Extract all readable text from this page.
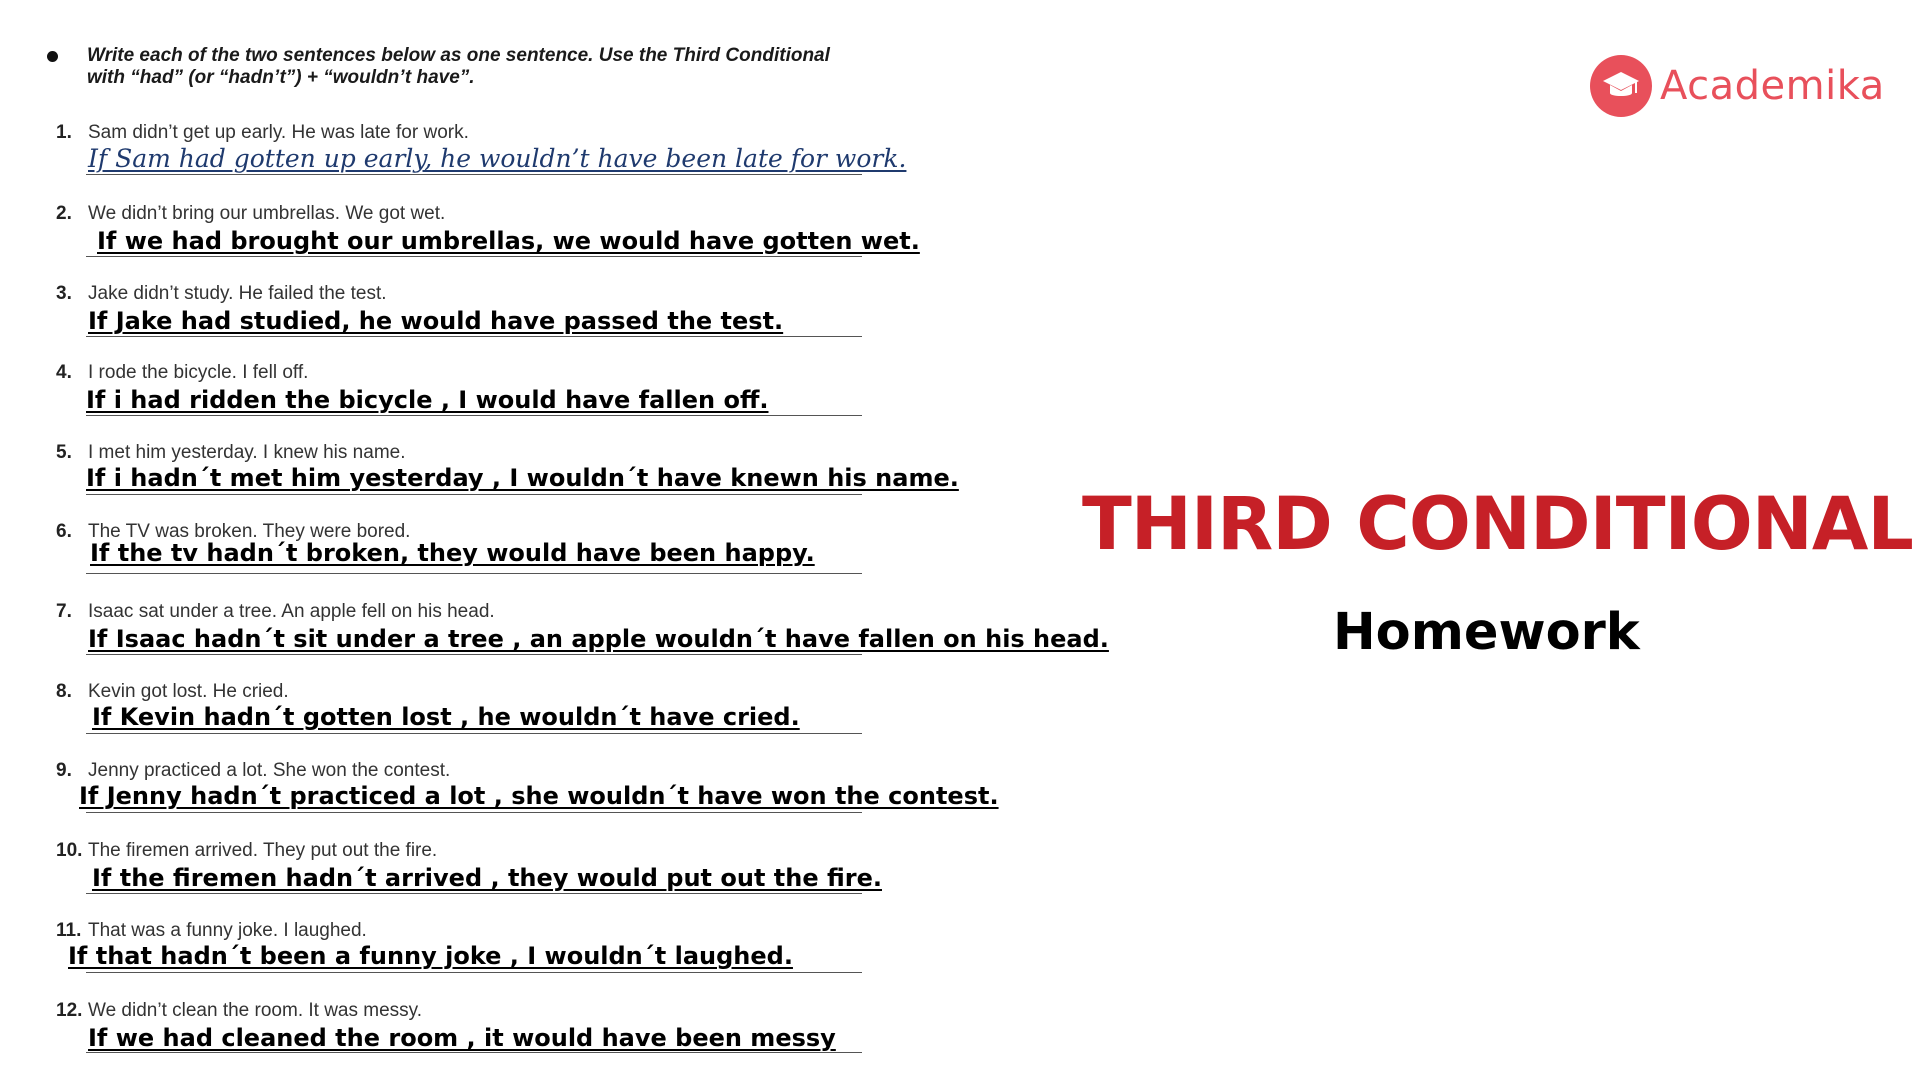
Write each of the two sentences below as one sentence. Use the Third Conditional
with “had” (or “hadn’t”) + “wouldn’t have”.
1. Sam didn’t get up early. He was late for work.
If Sam had gotten up early, he wouldn’t have been late for work.
2. We didn’t bring our umbrellas. We got wet.
If we had brought our umbrellas, we would have gotten wet.
3. Jake didn’t study. He failed the test.
If Jake had studied, he would have passed the test.
4. I rode the bicycle. I fell off.
If i had ridden the bicycle , I would have fallen off.
5. I met him yesterday. I knew his name.
If i hadn´t met him yesterday , I wouldn´t have knewn his name.
6. The TV was broken. They were bored.
If the tv hadn´t broken, they would have been happy.
7. Isaac sat under a tree. An apple fell on his head.
If Isaac hadn´t sit under a tree , an apple wouldn´t have fallen on his head.
8. Kevin got lost. He cried.
If Kevin hadn´t gotten lost , he wouldn´t have cried.
9. Jenny practiced a lot. She won the contest.
If Jenny hadn´t practiced a lot , she wouldn´t have won the contest.
10. The firemen arrived. They put out the fire.
If the firemen hadn´t arrived , they would put out the fire.
11. That was a funny joke. I laughed.
If that hadn´t been a funny joke , I wouldn´t laughed.
12. We didn’t clean the room. It was messy.
If we had cleaned the room , it would have been messy
Academika
THIRD CONDITIONAL
Homework
